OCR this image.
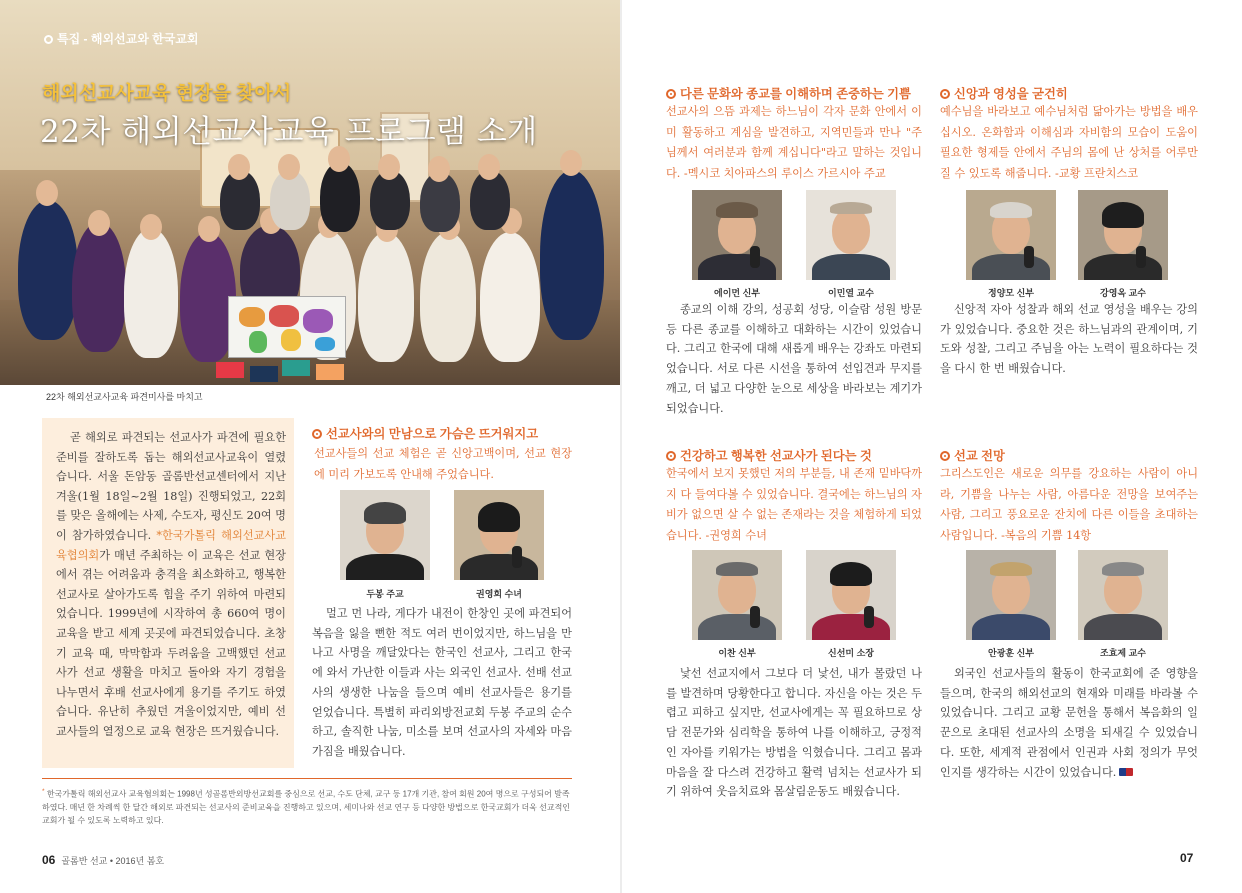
특집 - 해외선교와 한국교회
해외선교사교육 현장을 찾아서
22차 해외선교사교육 프로그램 소개
22차 해외선교사교육 파견미사를 마치고

곧 해외로 파견되는 선교사가 파견에 필요한 준비를 잘하도록 돕는 해외선교사교육이 열렸습니다. 서울 돈암동 골롬반선교센터에서 지난 겨울(1월 18일~2월 18일) 진행되었고, 22회를 맞은 올해에는 사제, 수도자, 평신도 20여 명이 참가하였습니다. *한국가톨릭 해외선교사교육협의회가 매년 주최하는 이 교육은 선교 현장에서 겪는 어려움과 충격을 최소화하고, 행복한 선교사로 살아가도록 힘을 주기 위하여 마련되었습니다. 1999년에 시작하여 총 660여 명이 교육을 받고 세계 곳곳에 파견되었습니다. 초창기 교육 때, 막막함과 두려움을 고백했던 선교사가 선교 생활을 마치고 돌아와 자기 경험을 나누면서 후배 선교사에게 용기를 주기도 하였습니다. 유난히 추웠던 겨울이었지만, 예비 선교사들의 열정으로 교육 현장은 뜨거웠습니다.

선교사와의 만남으로 가슴은 뜨거워지고
선교사들의 선교 체험은 곧 신앙고백이며, 선교 현장에 미리 가보도록 안내해 주었습니다.
두봉 주교	권영희 수녀
멀고 먼 나라, 게다가 내전이 한창인 곳에 파견되어 복음을 잃을 뻔한 적도 여러 번이었지만, 하느님을 만나고 사명을 깨달았다는 한국인 선교사, 그리고 한국에 와서 가난한 이들과 사는 외국인 선교사. 선배 선교사의 생생한 나눔을 들으며 예비 선교사들은 용기를 얻었습니다. 특별히 파리외방전교회 두봉 주교의 순수하고, 솔직한 나눔, 미소를 보며 선교사의 자세와 마음가짐을 배웠습니다.
다른 문화와 종교를 이해하며 존중하는 기쁨
선교사의 으뜸 과제는 하느님이 각자 문화 안에서 이미 활동하고 계심을 발견하고, 지역민들과 만나 "주님께서 여러분과 함께 계십니다"라고 말하는 것입니다. -멕시코 치아파스의 루이스 가르시아 주교
에이먼 신부	이민열 교수
종교의 이해 강의, 성공회 성당, 이슬람 성원 방문 등 다른 종교를 이해하고 대화하는 시간이 있었습니다. 그리고 한국에 대해 새롭게 배우는 강좌도 마련되었습니다. 서로 다른 시선을 통하여 선입견과 무지를 깨고, 더 넓고 다양한 눈으로 세상을 바라보는 계기가 되었습니다.
신앙과 영성을 굳건히
예수님을 바라보고 예수님처럼 닮아가는 방법을 배우십시오. 온화함과 이해심과 자비함의 모습이 도움이 필요한 형제들 안에서 주님의 몸에 난 상처를 어루만질 수 있도록 해줍니다. -교황 프란치스코
정양모 신부	강영옥 교수
신앙적 자아 성찰과 해외 선교 영성을 배우는 강의가 있었습니다. 중요한 것은 하느님과의 관계이며, 기도와 성찰, 그리고 주님을 아는 노력이 필요하다는 것을 다시 한 번 배웠습니다.
건강하고 행복한 선교사가 된다는 것
한국에서 보지 못했던 저의 부분들, 내 존재 밑바닥까지 다 들여다볼 수 있었습니다. 결국에는 하느님의 자비가 없으면 살 수 없는 존재라는 것을 체험하게 되었습니다. -권영희 수녀
이찬 신부	신선미 소장
낯선 선교지에서 그보다 더 낯선, 내가 몰랐던 나를 발견하며 당황한다고 합니다. 자신을 아는 것은 두렵고 피하고 싶지만, 선교사에게는 꼭 필요하므로 상담 전문가와 심리학을 통하여 나를 이해하고, 긍정적인 자아를 키워가는 방법을 익혔습니다. 그리고 몸과 마음을 잘 다스려 건강하고 활력 넘치는 선교사가 되기 위하여 웃음치료와 몸살림운동도 배웠습니다.
선교 전망
그리스도인은 새로운 의무를 강요하는 사람이 아니라, 기쁨을 나누는 사람, 아름다운 전망을 보여주는 사람, 그리고 풍요로운 잔치에 다른 이들을 초대하는 사람입니다. -복음의 기쁨 14항
안광훈 신부	조효제 교수
외국인 선교사들의 활동이 한국교회에 준 영향을 들으며, 한국의 해외선교의 현재와 미래를 바라볼 수 있었습니다. 그리고 교황 문헌을 통해서 복음화의 일꾼으로 초대된 선교사의 소명을 되새길 수 있었습니다. 또한, 세계적 관점에서 인권과 사회 정의가 무엇인지를 생각하는 시간이 있었습니다.
* 한국가톨릭 해외선교사 교육협의회는 1998년 성골롬반외방선교회를 중심으로 선교, 수도 단체, 교구 등 17개 기관, 참여 회원 20여 명으로 구성되어 발족하였다. 매년 한 차례씩 한 달간 해외로 파견되는 선교사의 준비교육을 진행하고 있으며, 세미나와 선교 연구 등 다양한 방법으로 한국교회가 더욱 선교적인 교회가 될 수 있도록 노력하고 있다.
06 골롬반 선교 • 2016년 봄호	07
